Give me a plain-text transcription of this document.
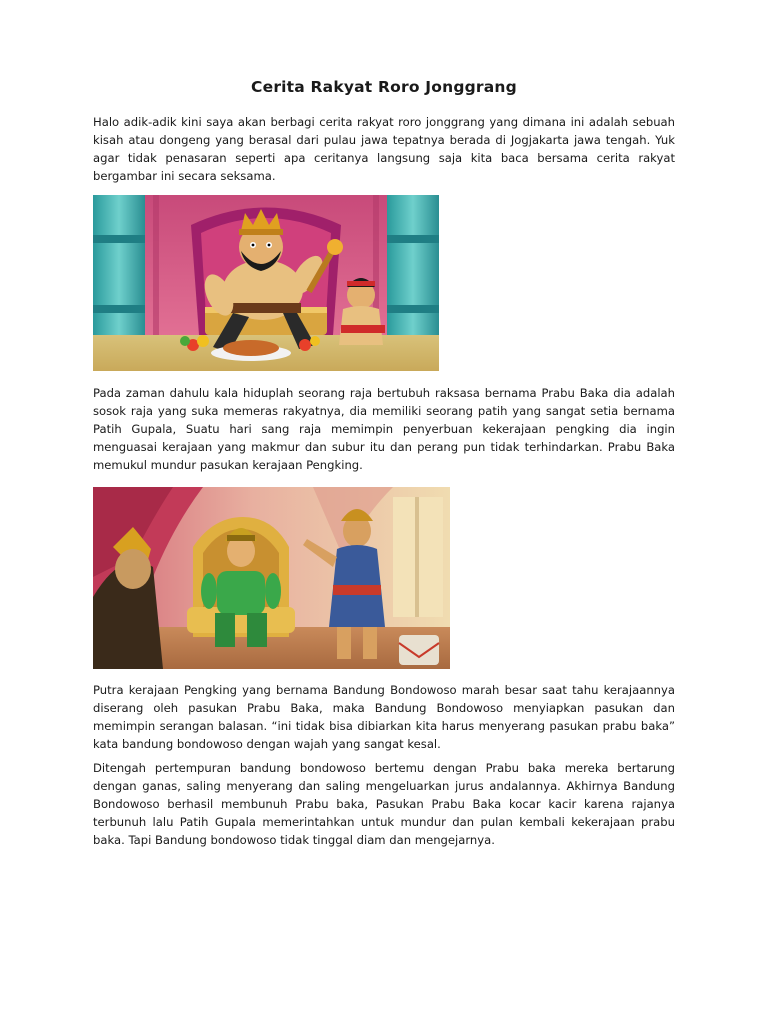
Cerita Rakyat Roro Jonggrang

Halo adik-adik kini saya akan berbagi cerita rakyat roro jonggrang yang dimana ini adalah sebuah kisah atau dongeng yang berasal dari pulau jawa tepatnya berada di Jogjakarta jawa tengah. Yuk agar tidak penasaran seperti apa ceritanya langsung saja kita baca bersama cerita rakyat bergambar ini secara seksama.

Pada zaman dahulu kala hiduplah seorang raja bertubuh raksasa bernama Prabu Baka dia adalah sosok raja yang suka memeras rakyatnya, dia memiliki seorang patih yang sangat setia bernama Patih Gupala, Suatu hari sang raja memimpin penyerbuan kekerajaan pengking dia ingin menguasai kerajaan yang makmur dan subur itu dan perang pun tidak terhindarkan. Prabu Baka memukul mundur pasukan kerajaan Pengking.

Putra kerajaan Pengking yang bernama Bandung Bondowoso marah besar saat tahu kerajaannya diserang oleh pasukan Prabu Baka, maka Bandung Bondowoso menyiapkan pasukan dan memimpin serangan balasan. “ini tidak bisa dibiarkan kita harus menyerang pasukan prabu baka” kata bandung bondowoso dengan wajah yang sangat kesal.

Ditengah pertempuran bandung bondowoso bertemu dengan Prabu baka mereka bertarung dengan ganas, saling menyerang dan saling mengeluarkan jurus andalannya. Akhirnya Bandung Bondowoso berhasil membunuh Prabu baka, Pasukan Prabu Baka kocar kacir karena rajanya terbunuh lalu Patih Gupala memerintahkan untuk mundur dan pulan kembali kekerajaan prabu baka. Tapi Bandung bondowoso tidak tinggal diam dan mengejarnya.
